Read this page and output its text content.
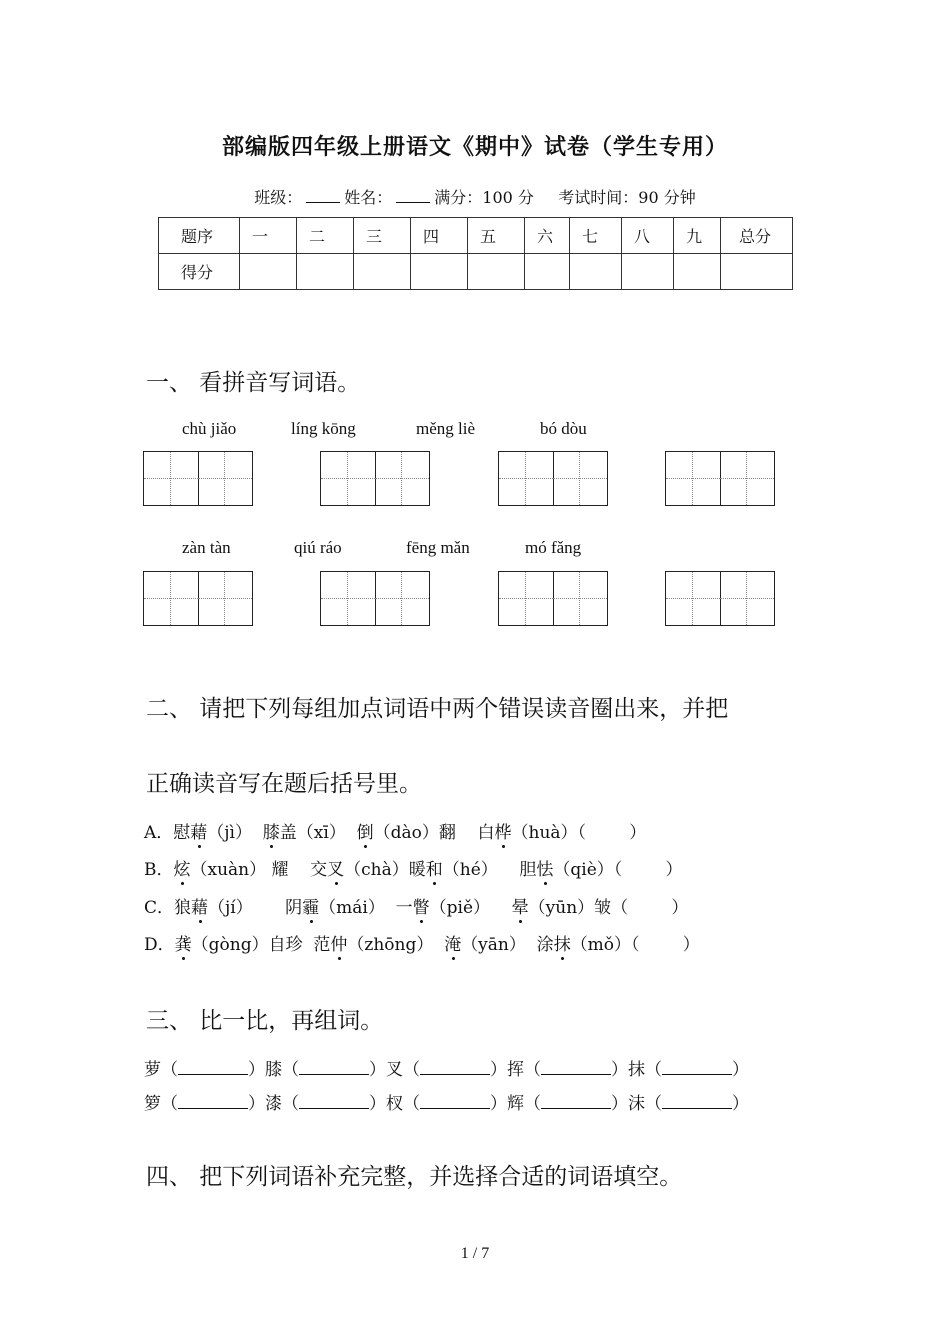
部编版四年级上册语文《期中》试卷（学生专用）
班级：	姓名：	满分：100 分 考试时间：90 分钟
题序	一	二	三	四	五	六	七	八	九	总分
得分										
一、 看拼音写词语。
chù jiǎo	líng kōng	měng liè	bó dòu
zàn tàn	qiú ráo	fēng mǎn	mó fǎng
二、 请把下列每组加点词语中两个错误读音圈出来，并把
正确读音写在题后括号里。
A．慰藉（jì）  膝盖（xī）  倒（dào）翻    白桦（huà）（        ）
B．炫（xuàn） 耀    交叉（chà）暖和（hé）    胆怯（qiè）（        ）
C．狼藉（jí）      阴霾（mái）  一瞥（piě）    晕（yūn）皱（        ）
D．龚（gòng）自珍  范仲（zhōng）  淹（yān）  涂抹（mǒ）（        ）
三、 比一比，再组词。
萝（	）膝（	）叉（	）挥（	）抹（	）
箩（	）漆（	）杈（	）辉（	）沫（	）
四、 把下列词语补充完整，并选择合适的词语填空。
1 / 7
